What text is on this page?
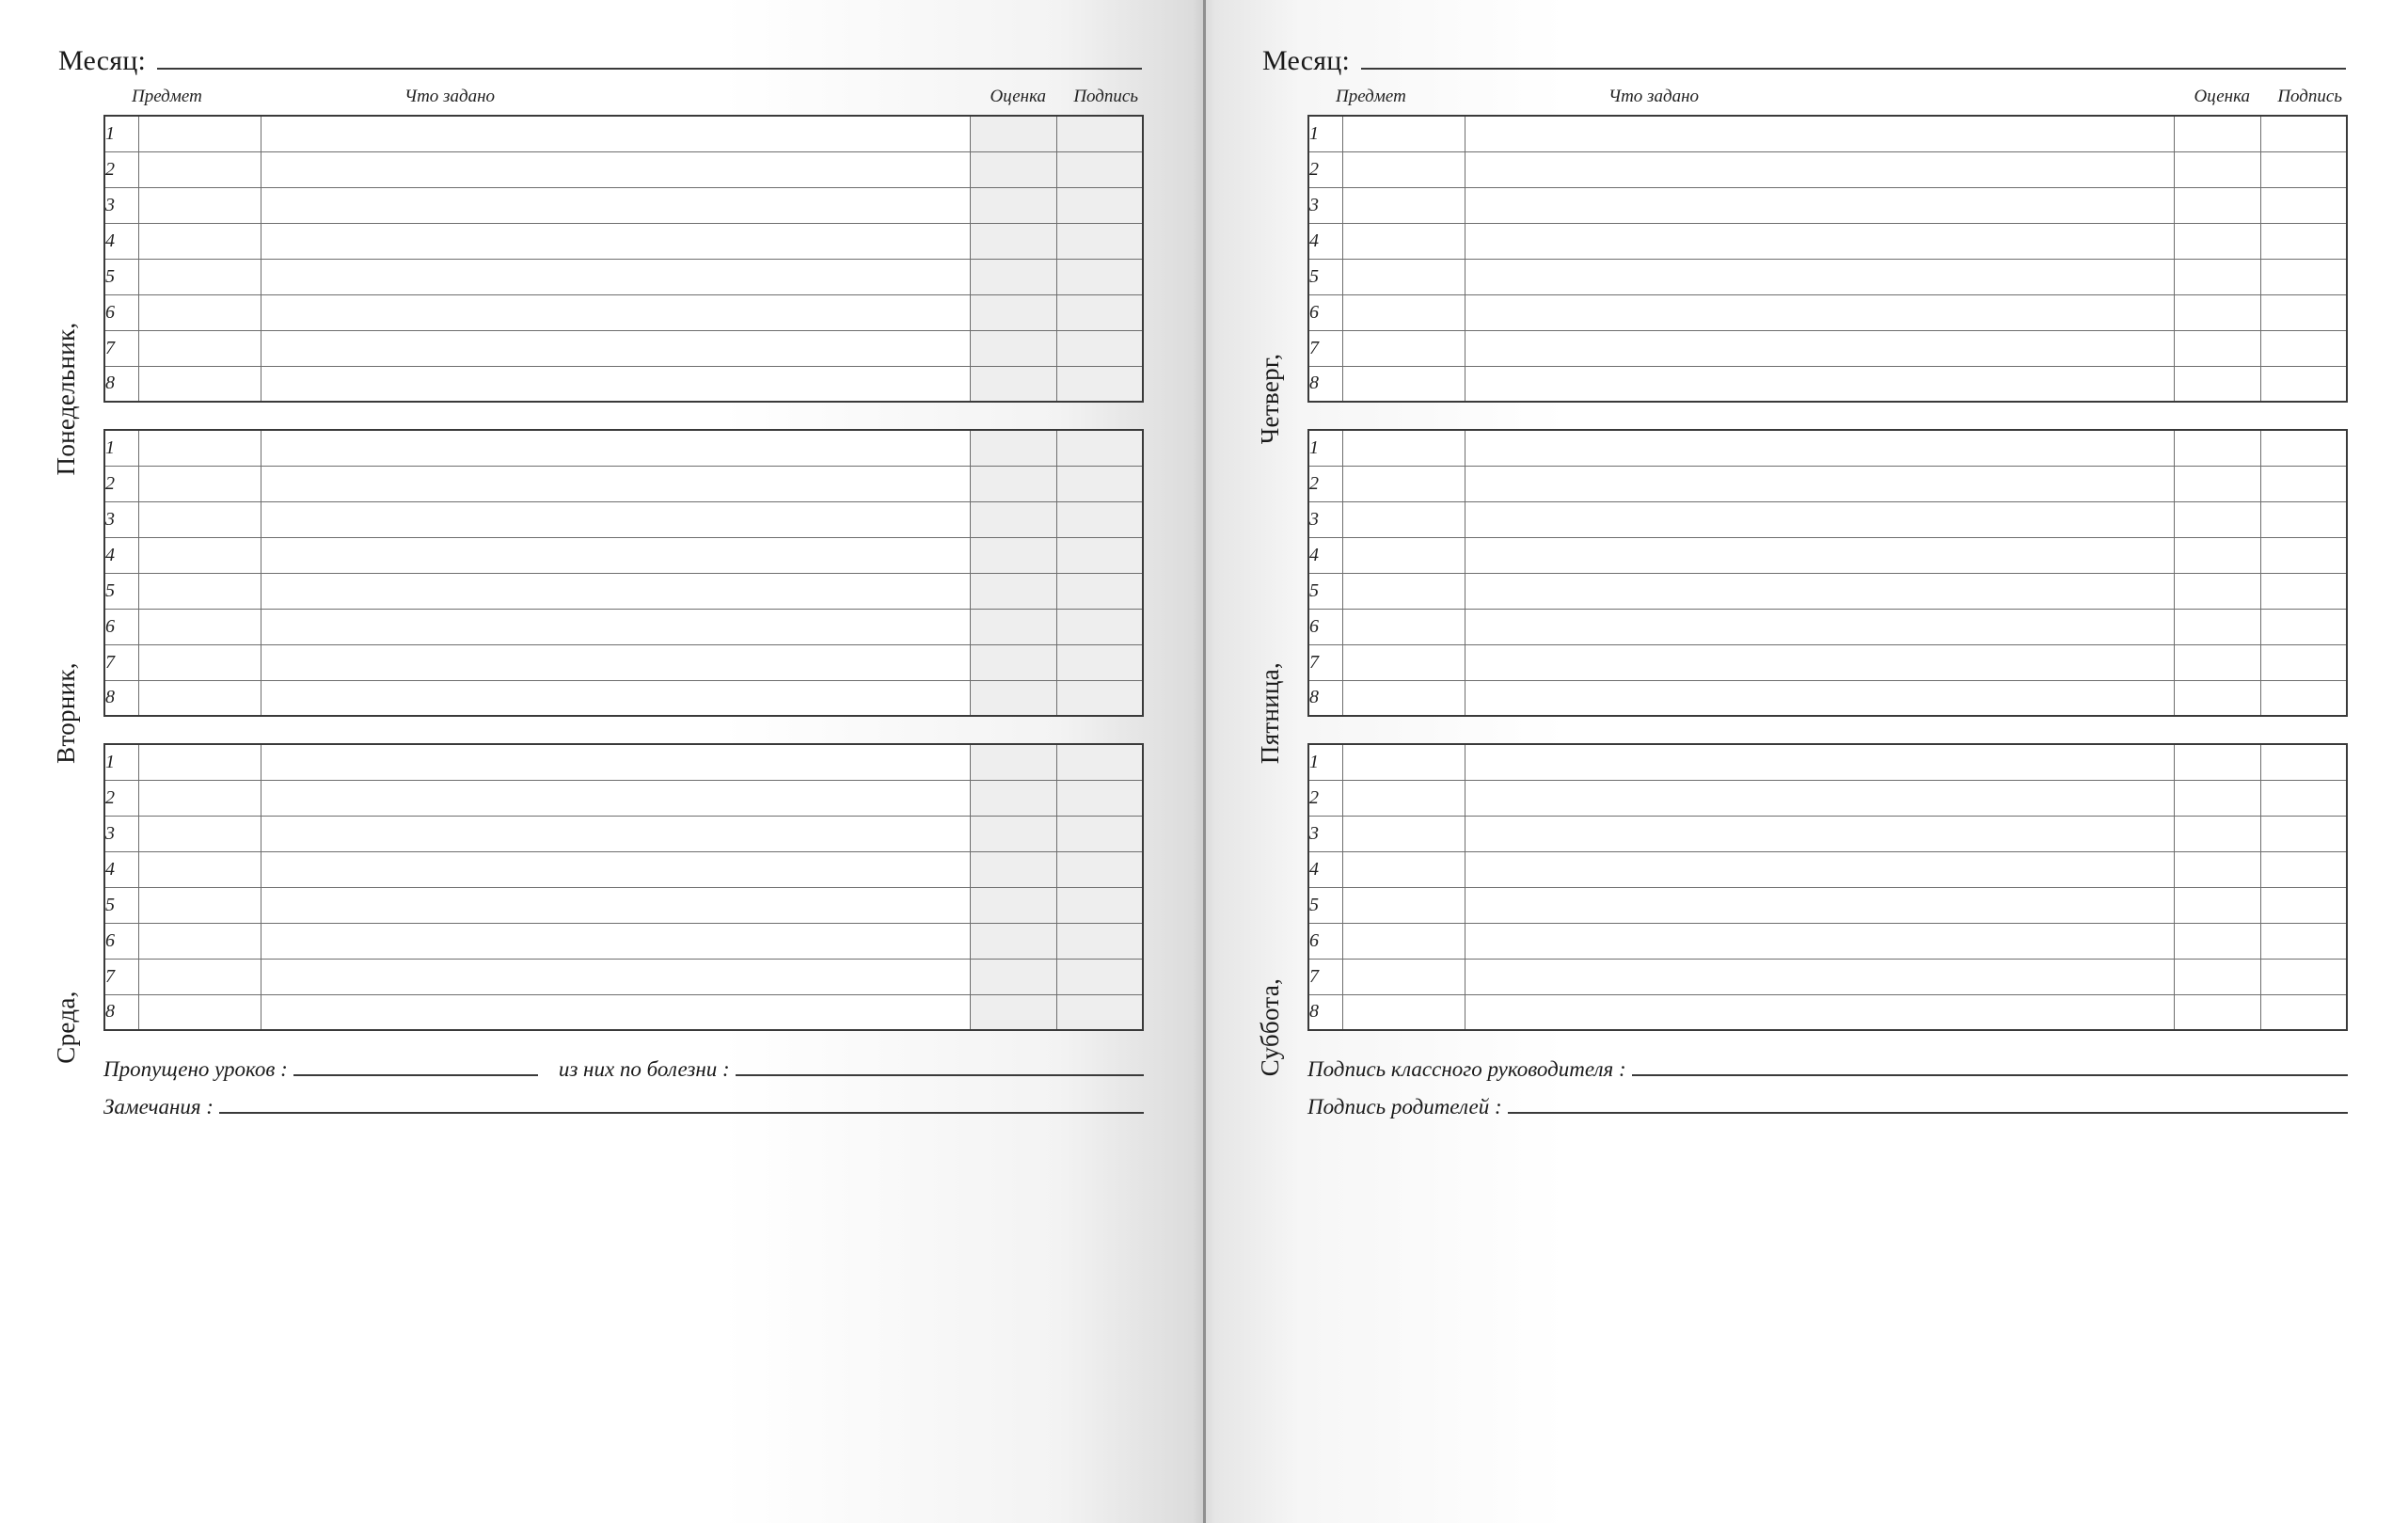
Месяц:
Предмет	Что задано	Оценка Подпись
Понедельник,
1				
2				
3				
4				
5				
6				
7				
8				
Вторник,
1				
2				
3				
4				
5				
6				
7				
8				
Среда,
1				
2				
3				
4				
5				
6				
7				
8				
Пропущено уроков :	из них по болезни :
Замечания :
Месяц:
Предмет	Что задано	Оценка Подпись
Четверг,
1				
2				
3				
4				
5				
6				
7				
8				
Пятница,
1				
2				
3				
4				
5				
6				
7				
8				
Суббота,
1				
2				
3				
4				
5				
6				
7				
8				
Подпись классного руководителя :
Подпись родителей :
